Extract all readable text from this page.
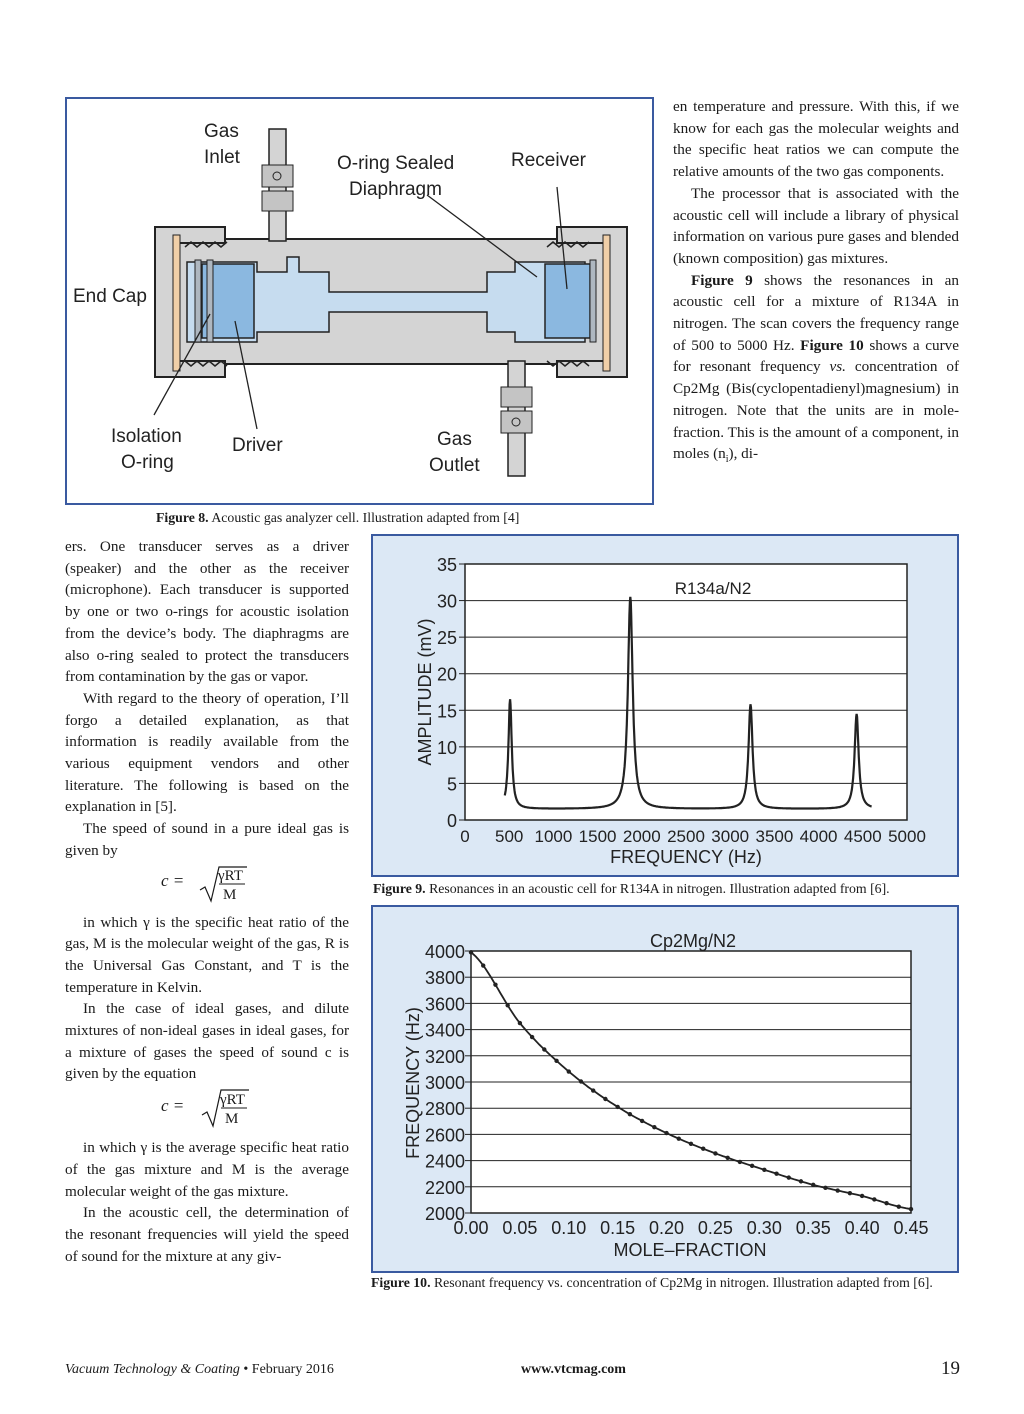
Gas
Inlet	O-ring Sealed
Diaphragm
Receiver
End Cap
Isolation
O-ring
Driver	Gas
Outlet
Figure 8. Acoustic gas analyzer cell. Illustration adapted from [4]

en temperature and pressure. With this, if we know for each gas the molecular weights and the specific heat ratios we can compute the relative amounts of the two gas components.

The processor that is associated with the acoustic cell will include a library of physical information on various pure gases and blended (known composition) gas mixtures.

Figure 9 shows the resonances in an acoustic cell for a mixture of R134A in nitrogen. The scan covers the frequency range of 500 to 5000 Hz. Figure 10 shows a curve for resonant frequency vs. concentration of Cp2Mg (Bis(cyclopentadienyl)magnesium) in nitrogen. Note that the units are in mole-fraction. This is the amount of a component, in moles $(n_i)$, di-

ers. One transducer serves as a driver (speaker) and the other as the receiver (microphone). Each transducer is supported by one or two o-rings for acoustic isolation from the device’s body. The diaphragms are also o-ring sealed to protect the transducers from contamination by the gas or vapor.

With regard to the theory of operation, I’ll forgo a detailed explanation, as that information is readily available from the various equipment vendors and other literature. The following is based on the explanation in [5].

The speed of sound in a pure ideal gas is given by

c = γRT
M

in which γ is the specific heat ratio of the gas, M is the molecular weight of the gas, R is the Universal Gas Constant, and T is the temperature in Kelvin.

In the case of ideal gases, and dilute mixtures of non-ideal gases in ideal gases, for a mixture of gases the speed of sound c is given by the equation

c = γRT
M

in which γ is the average specific heat ratio of the gas mixture and M is the average molecular weight of the gas mixture.

In the acoustic cell, the determination of the resonant frequencies will yield the speed of sound for the mixture at any giv-

0
5
10
15
20
25
30
35
0 500 1000 1500 2000 2500 3000 3500 4000 4500 5000
R134a/N2
FREQUENCY (Hz)
AMPLITUDE (mV)
Figure 9. Resonances in an acoustic cell for R134A in nitrogen. Illustration adapted from [6].
2000
2200
2400
2600
2800
3000
3200
3400
3600
3800
4000
0.00 0.05 0.10 0.15 0.20 0.25 0.30 0.35 0.40 0.45
Cp2Mg/N2
MOLE–FRACTION
FREQUENCY (Hz)
Figure 10. Resonant frequency vs. concentration of Cp2Mg in nitrogen. Illustration adapted from [6].
Vacuum Technology & Coating • February 2016	www.vtcmag.com	19
